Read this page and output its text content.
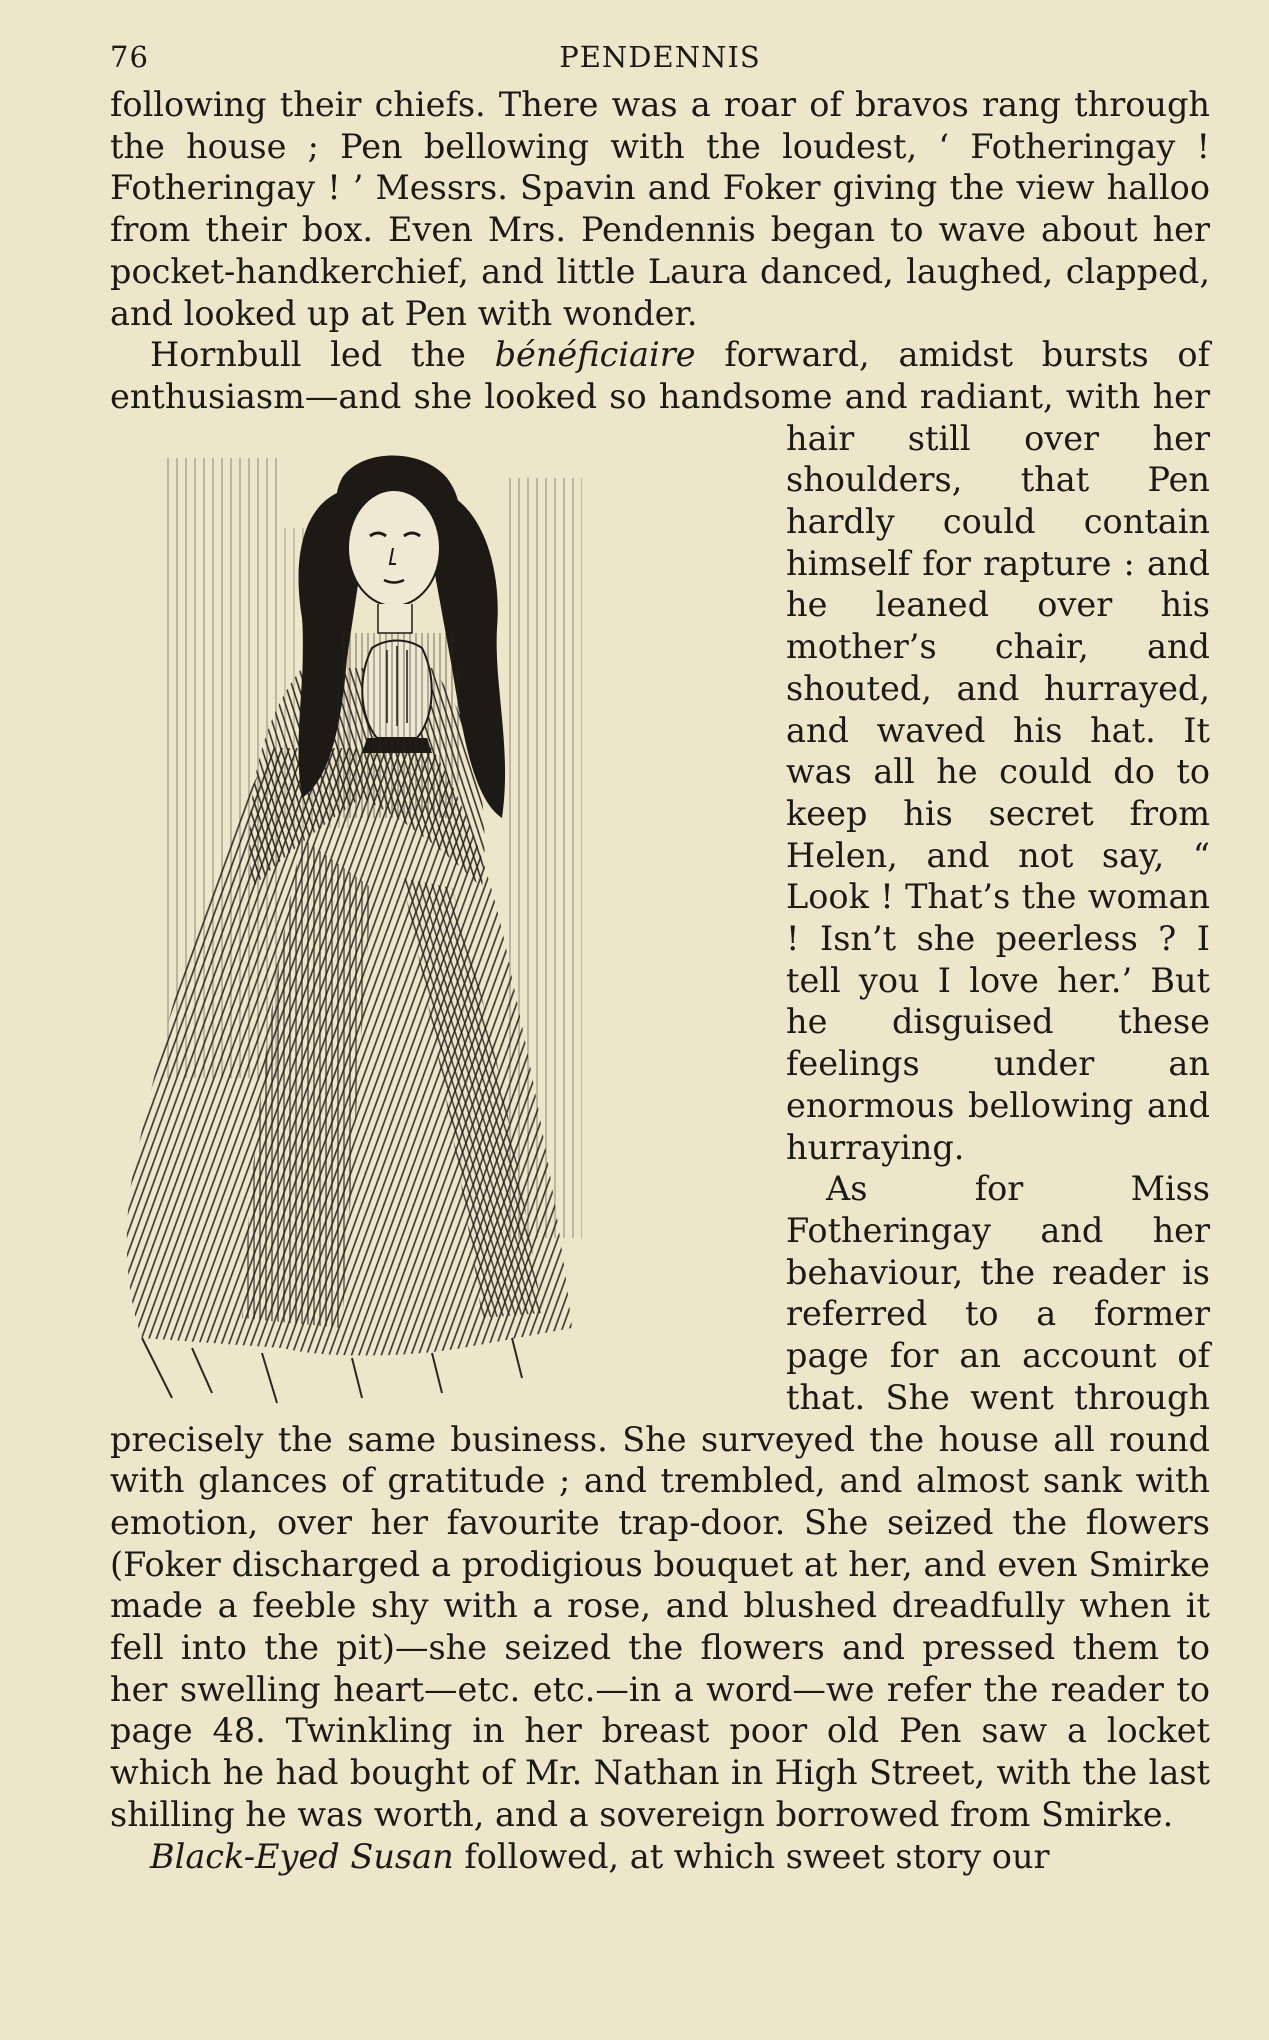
76	PENDENNIS

following their chiefs. There was a roar of bravos rang through the house ; Pen bellowing with the loudest, ‘ Fotheringay ! Fotheringay ! ’ Messrs. Spavin and Foker giving the view halloo from their box. Even Mrs. Pendennis began to wave about her pocket-handkerchief, and little Laura danced, laughed, clapped, and looked up at Pen with wonder.

Hornbull led the bénéficiaire forward, amidst bursts of enthusiasm—and she looked so handsome and radiant, with
her hair still over her shoulders, that Pen hardly could contain himself for rapture : and he leaned over his mother’s chair, and shouted, and hurrayed, and waved his hat. It was all he could do to keep his secret from Helen, and not say, “ Look ! That’s the woman ! Isn’t she peerless ? I tell you I love her.’ But he disguised these feelings under an enormous bellowing and hurraying.

As for Miss Fotheringay and her behaviour, the reader is referred to a former page for an account of that. She went through precisely the same business. She surveyed the house all round with glances of gratitude ; and trembled, and almost sank with emotion, over her favourite trap-door. She seized the flowers (Foker discharged a prodigious bouquet at her, and even Smirke made a feeble shy with a rose, and blushed dreadfully when it fell into the pit)—she seized the flowers and pressed them to her swelling heart—etc. etc.—in a word—we refer the reader to page 48. Twinkling in her breast poor old Pen saw a locket which he had bought of Mr. Nathan in High Street, with the last shilling he was worth, and a sovereign borrowed from Smirke.

Black-Eyed Susan followed, at which sweet story our
